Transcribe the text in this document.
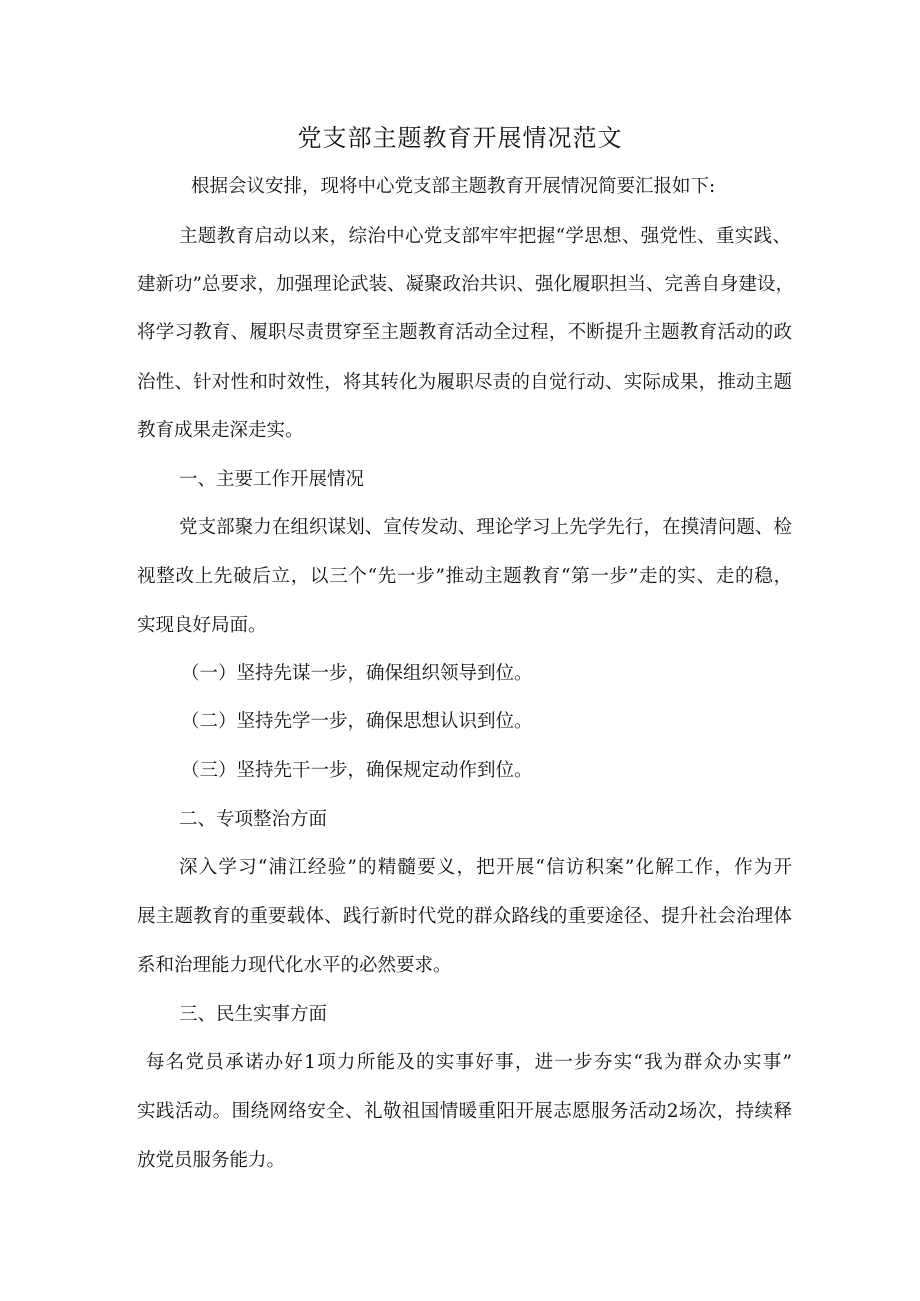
党支部主题教育开展情况范文

根据会议安排，现将中心党支部主题教育开展情况简要汇报如下:

主题教育启动以来，综治中心党支部牢牢把握“学思想、强党性、重实践、

建新功”总要求，加强理论武装、凝聚政治共识、强化履职担当、完善自身建设，

将学习教育、履职尽责贯穿至主题教育活动全过程，不断提升主题教育活动的政

治性、针对性和时效性，将其转化为履职尽责的自觉行动、实际成果，推动主题

教育成果走深走实。

一、主要工作开展情况

党支部聚力在组织谋划、宣传发动、理论学习上先学先行，在摸清问题、检

视整改上先破后立，以三个“先一步”推动主题教育“第一步”走的实、走的稳，

实现良好局面。

（一）坚持先谋一步，确保组织领导到位。

（二）坚持先学一步，确保思想认识到位。

（三）坚持先干一步，确保规定动作到位。

二、专项整治方面

深入学习“浦江经验”的精髓要义，把开展“信访积案”化解工作，作为开

展主题教育的重要载体、践行新时代党的群众路线的重要途径、提升社会治理体

系和治理能力现代化水平的必然要求。

三、民生实事方面

每名党员承诺办好1项力所能及的实事好事，进一步夯实“我为群众办实事”

实践活动。围绕网络安全、礼敬祖国情暖重阳开展志愿服务活动2场次，持续释

放党员服务能力。
